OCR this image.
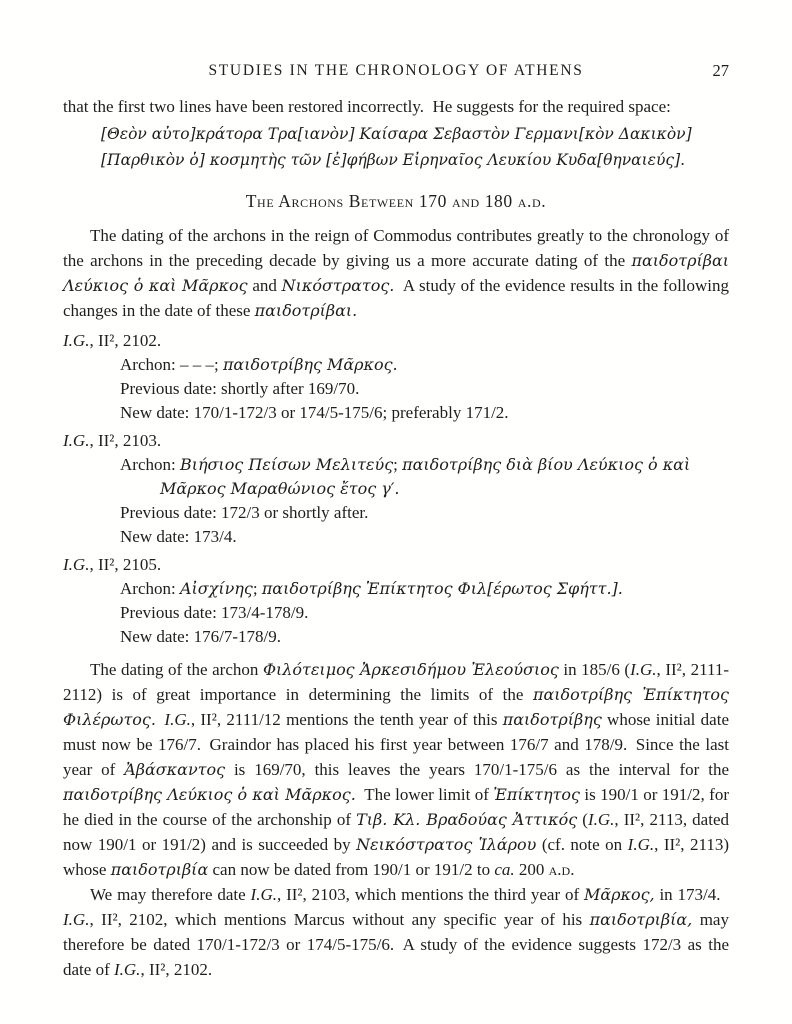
STUDIES IN THE CHRONOLOGY OF ATHENS	27

that the first two lines have been restored incorrectly. He suggests for the required space:

[Θεὸν αὐτο]κράτορα Τρα[ιανὸν] Καίσαρα Σεβαστὸν Γερμανι[κὸν Δακικὸν]
[Παρθικὸν ὁ] κοσμητὴς τῶν [ἐ]φήβων Εἰρηναῖος Λευκίου Κυδα[θηναιεύς].
The Archons Between 170 and 180 a.d.

The dating of the archons in the reign of Commodus contributes greatly to the chronology of the archons in the preceding decade by giving us a more accurate dating of the παιδοτρίβαι Λεύκιος ὁ καὶ Μᾶρκος and Νικόστρατος. A study of the evidence results in the following changes in the date of these παιδοτρίβαι.

I.G., II², 2102.
Archon: – – –; παιδοτρίβης Μᾶρκος.
Previous date: shortly after 169/70.
New date: 170/1-172/3 or 174/5-175/6; preferably 171/2.
I.G., II², 2103.
Archon: Βιήσιος Πείσων Μελιτεύς; παιδοτρίβης διὰ βίου Λεύκιος ὁ καὶ Μᾶρκος Μαραθώνιος ἔτος γ′.
Previous date: 172/3 or shortly after.
New date: 173/4.
I.G., II², 2105.
Archon: Αἰσχίνης; παιδοτρίβης Ἐπίκτητος Φιλ[έρωτος Σφήττ.].
Previous date: 173/4-178/9.
New date: 176/7-178/9.

The dating of the archon Φιλότειμος Ἀρκεσιδήμου Ἐλεούσιος in 185/6 (I.G., II², 2111-2112) is of great importance in determining the limits of the παιδοτρίβης Ἐπίκτητος Φιλέρωτος.  I.G., II², 2111/12 mentions the tenth year of this παιδοτρίβης whose initial date must now be 176/7. Graindor has placed his first year between 176/7 and 178/9. Since the last year of Ἀβάσκαντος is 169/70, this leaves the years 170/1-175/6 as the interval for the παιδοτρίβης Λεύκιος ὁ καὶ Μᾶρκος. The lower limit of Ἐπίκτητος is 190/1 or 191/2, for he died in the course of the archonship of Τιβ. Κλ. Βραδούας Ἀττικός (I.G., II², 2113, dated now 190/1 or 191/2) and is succeeded by Νεικόστρατος Ἱλάρου (cf. note on I.G., II², 2113) whose παιδοτριβία can now be dated from 190/1 or 191/2 to ca. 200 a.d.

We may therefore date I.G., II², 2103, which mentions the third year of Μᾶρκος, in 173/4. I.G., II², 2102, which mentions Marcus without any specific year of his παιδοτριβία, may therefore be dated 170/1-172/3 or 174/5-175/6. A study of the evidence suggests 172/3 as the date of I.G., II², 2102.
